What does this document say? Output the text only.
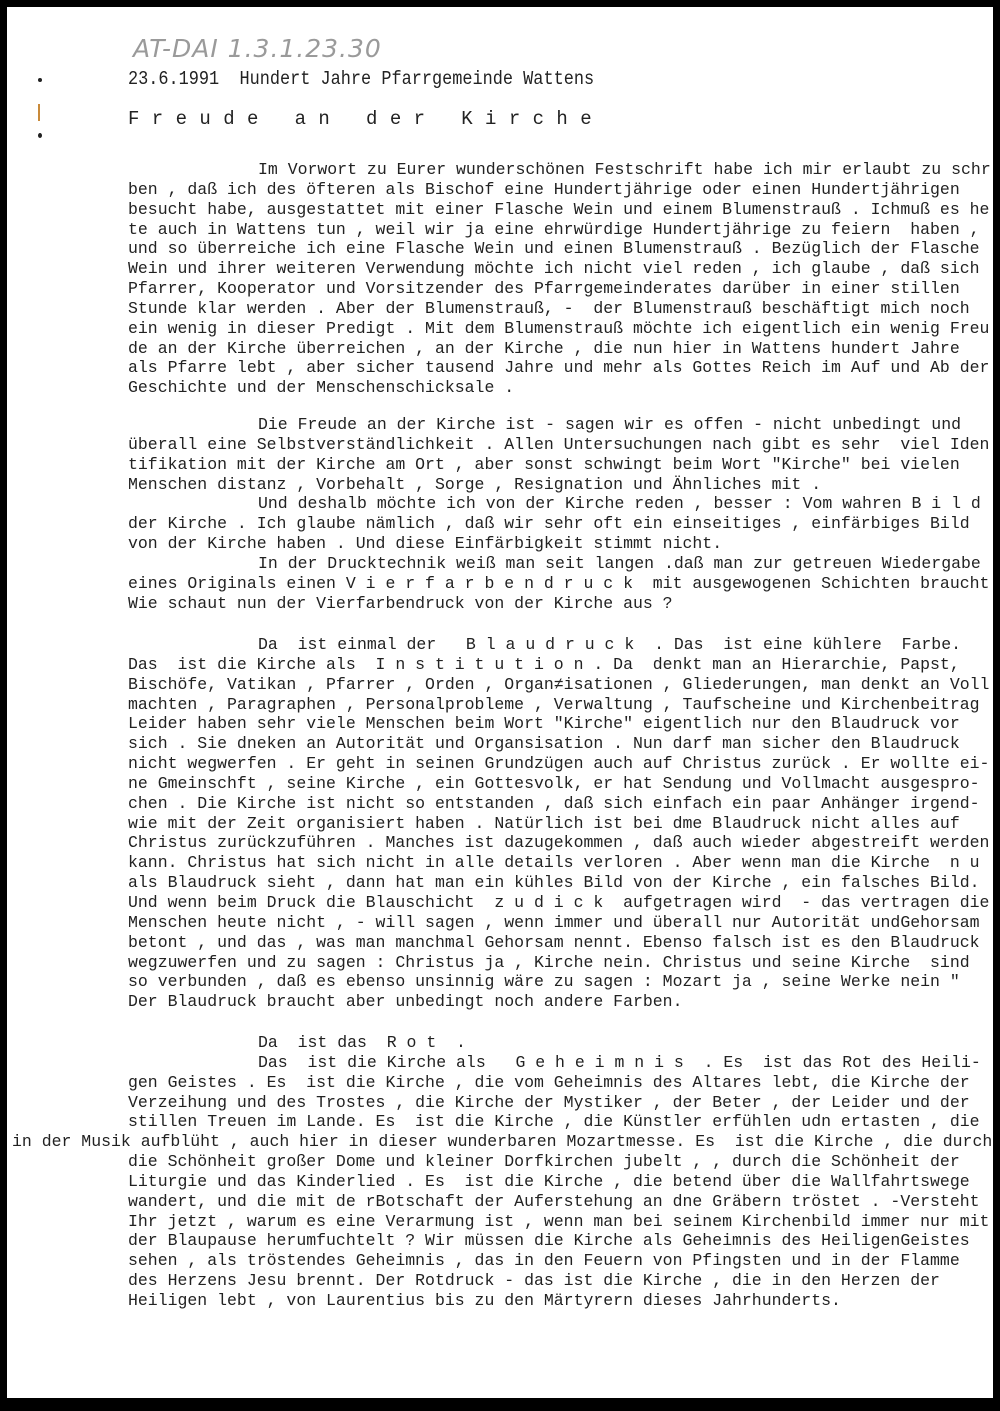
AT-DAI 1.3.1.23.30
23.6.1991  Hundert Jahre Pfarrgemeinde Wattens
Freude an der Kirche
Im Vorwort zu Eurer wunderschönen Festschrift habe ich mir erlaubt zu schr
ben , daß ich des öfteren als Bischof eine Hundertjährige oder einen Hundertjährigen
besucht habe, ausgestattet mit einer Flasche Wein und einem Blumenstrauß . Ichmuß es he
te auch in Wattens tun , weil wir ja eine ehrwürdige Hundertjährige zu feiern  haben ,
und so überreiche ich eine Flasche Wein und einen Blumenstrauß . Bezüglich der Flasche
Wein und ihrer weiteren Verwendung möchte ich nicht viel reden , ich glaube , daß sich
Pfarrer, Kooperator und Vorsitzender des Pfarrgemeinderates darüber in einer stillen
Stunde klar werden . Aber der Blumenstrauß, -  der Blumenstrauß beschäftigt mich noch
ein wenig in dieser Predigt . Mit dem Blumenstrauß möchte ich eigentlich ein wenig Freu
de an der Kirche überreichen , an der Kirche , die nun hier in Wattens hundert Jahre
als Pfarre lebt , aber sicher tausend Jahre und mehr als Gottes Reich im Auf und Ab der
Geschichte und der Menschenschicksale .
Die Freude an der Kirche ist - sagen wir es offen - nicht unbedingt und
überall eine Selbstverständlichkeit . Allen Untersuchungen nach gibt es sehr  viel Iden
tifikation mit der Kirche am Ort , aber sonst schwingt beim Wort "Kirche" bei vielen
Menschen distanz , Vorbehalt , Sorge , Resignation und Ähnliches mit .
Und deshalb möchte ich von der Kirche reden , besser : Vom wahren B i l d
der Kirche . Ich glaube nämlich , daß wir sehr oft ein einseitiges , einfärbiges Bild
von der Kirche haben . Und diese Einfärbigkeit stimmt nicht.
In der Drucktechnik weiß man seit langen .daß man zur getreuen Wiedergabe
eines Originals einen V i e r f a r b e n d r u c k  mit ausgewogenen Schichten braucht
Wie schaut nun der Vierfarbendruck von der Kirche aus ?
Da  ist einmal der   B l a u d r u c k  . Das  ist eine kühlere  Farbe.
Das  ist die Kirche als  I n s t i t u t i o n . Da  denkt man an Hierarchie, Papst,
Bischöfe, Vatikan , Pfarrer , Orden , Organ≠isationen , Gliederungen, man denkt an Voll
machten , Paragraphen , Personalprobleme , Verwaltung , Taufscheine und Kirchenbeitrag
Leider haben sehr viele Menschen beim Wort "Kirche" eigentlich nur den Blaudruck vor
sich . Sie dneken an Autorität und Organsisation . Nun darf man sicher den Blaudruck
nicht wegwerfen . Er geht in seinen Grundzügen auch auf Christus zurück . Er wollte ei-
ne Gmeinschft , seine Kirche , ein Gottesvolk, er hat Sendung und Vollmacht ausgespro-
chen . Die Kirche ist nicht so entstanden , daß sich einfach ein paar Anhänger irgend-
wie mit der Zeit organisiert haben . Natürlich ist bei dme Blaudruck nicht alles auf
Christus zurückzuführen . Manches ist dazugekommen , daß auch wieder abgestreift werden
kann. Christus hat sich nicht in alle details verloren . Aber wenn man die Kirche  n u
als Blaudruck sieht , dann hat man ein kühles Bild von der Kirche , ein falsches Bild.
Und wenn beim Druck die Blauschicht  z u d i c k  aufgetragen wird  - das vertragen die
Menschen heute nicht , - will sagen , wenn immer und überall nur Autorität undGehorsam
betont , und das , was man manchmal Gehorsam nennt. Ebenso falsch ist es den Blaudruck
wegzuwerfen und zu sagen : Christus ja , Kirche nein. Christus und seine Kirche  sind
so verbunden , daß es ebenso unsinnig wäre zu sagen : Mozart ja , seine Werke nein "
Der Blaudruck braucht aber unbedingt noch andere Farben.
Da  ist das  R o t  .
Das  ist die Kirche als   G e h e i m n i s  . Es  ist das Rot des Heili-
gen Geistes . Es  ist die Kirche , die vom Geheimnis des Altares lebt, die Kirche der
Verzeihung und des Trostes , die Kirche der Mystiker , der Beter , der Leider und der
stillen Treuen im Lande. Es  ist die Kirche , die Künstler erfühlen udn ertasten , die
in der Musik aufblüht , auch hier in dieser wunderbaren Mozartmesse. Es  ist die Kirche , die durch
die Schönheit großer Dome und kleiner Dorfkirchen jubelt , , durch die Schönheit der
Liturgie und das Kinderlied . Es  ist die Kirche , die betend über die Wallfahrtswege
wandert, und die mit de rBotschaft der Auferstehung an dne Gräbern tröstet . -Versteht
Ihr jetzt , warum es eine Verarmung ist , wenn man bei seinem Kirchenbild immer nur mit
der Blaupause herumfuchtelt ? Wir müssen die Kirche als Geheimnis des HeiligenGeistes
sehen , als tröstendes Geheimnis , das in den Feuern von Pfingsten und in der Flamme
des Herzens Jesu brennt. Der Rotdruck - das ist die Kirche , die in den Herzen der
Heiligen lebt , von Laurentius bis zu den Märtyrern dieses Jahrhunderts.
